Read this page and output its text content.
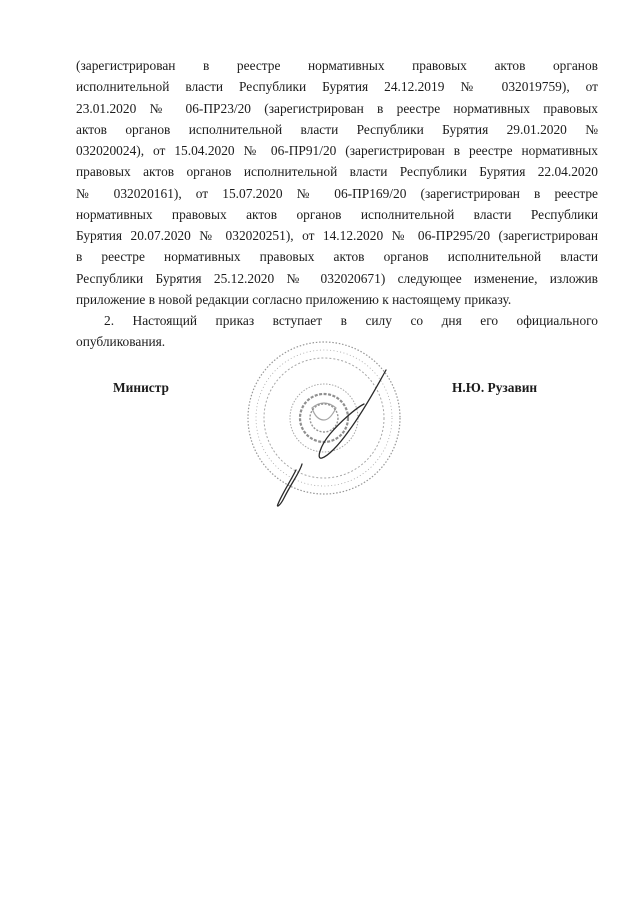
(зарегистрирован в реестре нормативных правовых актов органов
исполнительной власти Республики Бурятия 24.12.2019 № 032019759), от
23.01.2020 № 06-ПР23/20 (зарегистрирован в реестре нормативных правовых
актов органов исполнительной власти Республики Бурятия 29.01.2020 №
032020024), от 15.04.2020 № 06-ПР91/20 (зарегистрирован в реестре нормативных
правовых актов органов исполнительной власти Республики Бурятия 22.04.2020
№ 032020161), от 15.07.2020 № 06-ПР169/20 (зарегистрирован в реестре
нормативных правовых актов органов исполнительной власти Республики
Бурятия 20.07.2020 № 032020251), от 14.12.2020 № 06-ПР295/20 (зарегистрирован
в реестре нормативных правовых актов органов исполнительной власти
Республики Бурятия 25.12.2020 № 032020671) следующее изменение, изложив
приложение в новой редакции согласно приложению к настоящему приказу.
2. Настоящий приказ вступает в силу со дня его официального
опубликования.
Министр	Н.Ю. Рузавин
